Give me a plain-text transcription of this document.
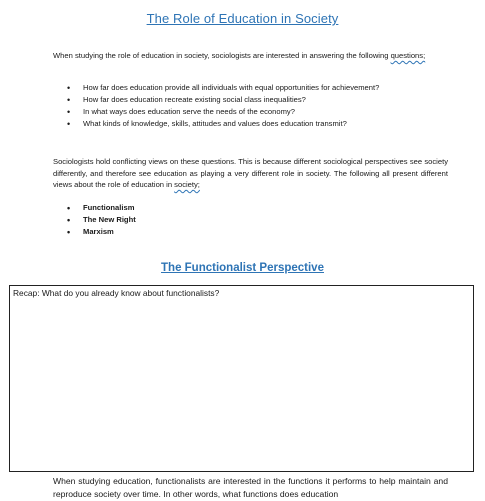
The Role of Education in Society
When studying the role of education in society, sociologists are interested in answering the following questions;
• How far does education provide all individuals with equal opportunities for achievement?
• How far does education recreate existing social class inequalities?
• In what ways does education serve the needs of the economy?
• What kinds of knowledge, skills, attitudes and values does education transmit?
Sociologists hold conflicting views on these questions. This is because different sociological perspectives see society differently, and therefore see education as playing a very different role in society. The following all present different views about the role of education in society;
• Functionalism
• The New Right
• Marxism
The Functionalist Perspective
Recap: What do you already know about functionalists?
When studying education, functionalists are interested in the functions it performs to help maintain and reproduce society over time. In other words, what functions does education
